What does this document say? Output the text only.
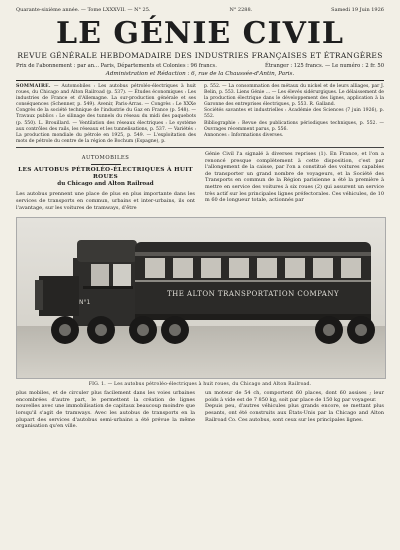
Quarante-sixième année. — Tome LXXXVII. — N° 25.	N° 2288.	Samedi 19 Juin 1926
LE GÉNIE CIVIL
REVUE GÉNÉRALE HEBDOMADAIRE DES INDUSTRIES FRANÇAISES ET ÉTRANGÈRES
Prix de l'abonnement : par an... Paris, Départements et Colonies : 96 francs.	Étranger : 125 francs. — Le numéro : 2 fr. 50
Administration et Rédaction : 6, rue de la Chaussée-d'Antin, Paris.
SOMMAIRE. — Automobiles : Les autobus pétroléo-électriques à huit roues, du Chicago and Alton Railroad (p. 537). — Études économiques : Les industries de France et d'Allemagne. La sur-production générale et ses conséquences (Schenner, p. 549). Avenir, Paris-Arras. — Congrès : Le XXXe Congrès de la société technique de l'industrie du Gaz en France (p. 548). — Travaux publics : Le silinage des tunnels du réseau du midi des paquebots (p. 550). L. Brouillard. — Ventilation des réseaux électriques : Le système aux contrôles des rails, les réseaux et les tunnelisations, p. 537. — Variétés : La production mondiale du pétrole en 1925, p. 549. — L'exploitation des mots de pétrole du centre de la région de Bochum (Espagne), p.
p. 552. — La consommation des métaux du nickel et de leurs alliages, par J. Belin, p. 553. Liens Génie ... — Les élevés sidérurgiques. Le délaissement de la production électrique dans le développement des lignes, application à la Garonne des entreprises électriques, p. 553. R. Galland.
Sociétés savantes et industrielles : Académie des Sciences (7 juin 1926), p. 552.
Bibliographie : Revue des publications périodiques techniques, p. 552. — Ouvrages récemment parus, p. 556.
Annonces : Informations diverses.
AUTOMOBILES
LES AUTOBUS PÉTROLÉO-ÉLECTRIQUES À HUIT ROUES
du Chicago and Alton Railroad
Les autobus prennent une place de plus en plus importante dans les services de transports en commun, urbains et inter-urbains, ils ont l'avantage, sur les voitures de tramways, d'être
Génie Civil l'a signalé à diverses reprises (1). En France, et l'on a renoncé presque complètement à cette disposition, c'est par l'allongement de la caisse, par l'on a constitué des voitures capables de transporter un grand nombre de voyageurs, et la Société des Transports en commun de la Région parisienne a été la première à mettre en service des voitures à six roues (2) qui assurent un service très actif sur les principales lignes préfectorales. Ces véhicules, de 10 m 60 de longueur totale, actionnés par
N°1
THE ALTON TRANSPORTATION COMPANY
FIG. 1. — Les autobus pétroléo-électriques à huit roues, du Chicago and Alton Railroad.
plus mobiles, et de circuler plus facilement dans les voies urbaines encombrées d'autre part, le permettent la création de lignes nouvelles avec une immobilisation de capitaux beaucoup moindre que lorsqu'il s'agit de tramways. Avec les autobus de transports en la plupart des services d'autobus semi-urbains a été prévue la même organisation qu'en ville.
un moteur de 54 ch, comportent 60 places, dont 60 assises ; leur poids à vide est de 7 850 kg, soit par place de 150 kg par voyageur.
Depuis peu, d'autres véhicules plus grands encore, se mettant plus pesants, ont été construits aux États-Unis par la Chicago and Alton Railroad Co. Ces autobus, sont ceux sur les principales lignes.
